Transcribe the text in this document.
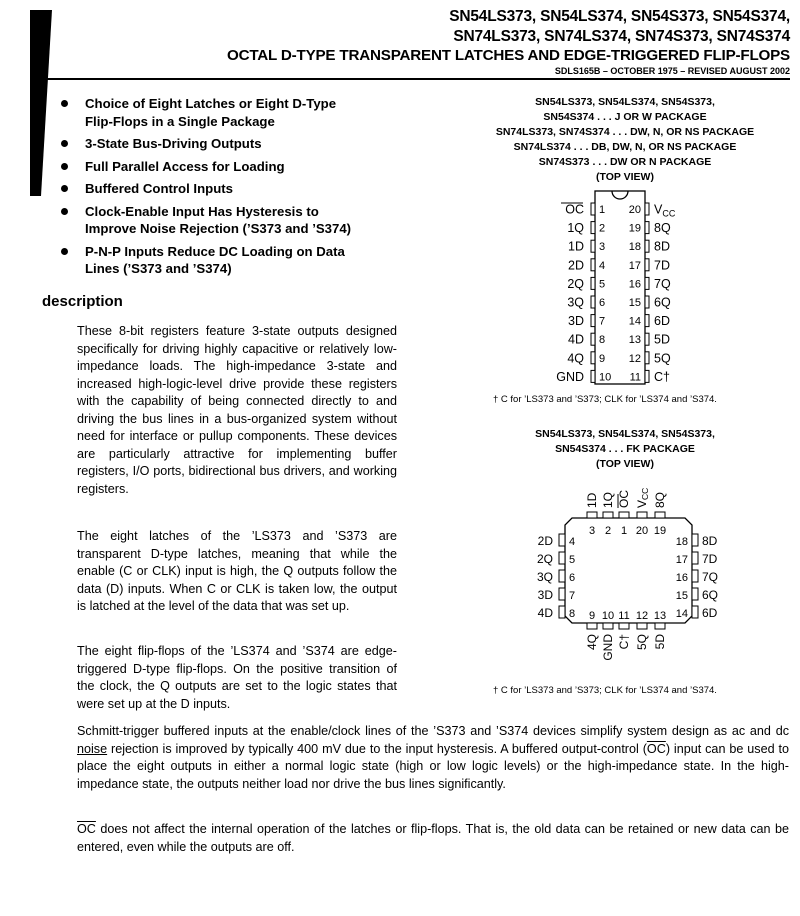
SN54LS373, SN54LS374, SN54S373, SN54S374,
SN74LS373, SN74LS374, SN74S373, SN74S374
OCTAL D-TYPE TRANSPARENT LATCHES AND EDGE-TRIGGERED FLIP-FLOPS
SDLS165B – OCTOBER 1975 – REVISED AUGUST 2002
Choice of Eight Latches or Eight D-Type
Flip-Flops in a Single Package
3-State Bus-Driving Outputs
Full Parallel Access for Loading
Buffered Control Inputs
Clock-Enable Input Has Hysteresis to
Improve Noise Rejection (’S373 and ’S374)
P-N-P Inputs Reduce DC Loading on Data
Lines (’S373 and ’S374)
description

These 8-bit registers feature 3-state outputs designed specifically for driving highly capacitive or relatively low-impedance loads. The high-impedance 3-state and increased high-logic-level drive provide these registers with the capability of being connected directly to and driving the bus lines in a bus-organized system without need for interface or pullup components. These devices are particularly attractive for implementing buffer registers, I/O ports, bidirectional bus drivers, and working registers.

The eight latches of the ’LS373 and ’S373 are transparent D-type latches, meaning that while the enable (C or CLK) input is high, the Q outputs follow the data (D) inputs. When C or CLK is taken low, the output is latched at the level of the data that was set up.

The eight flip-flops of the ’LS374 and ’S374 are edge-triggered D-type flip-flops. On the positive transition of the clock, the Q outputs are set to the logic states that were set up at the D inputs.

Schmitt-trigger buffered inputs at the enable/clock lines of the ’S373 and ’S374 devices simplify system design as ac and dc noise rejection is improved by typically 400 mV due to the input hysteresis. A buffered output-control $(\overline{OC})$ input can be used to place the eight outputs in either a normal logic state (high or low logic levels) or the high-impedance state. In the high-impedance state, the outputs neither load nor drive the bus lines significantly.

$\overline{OC}$ does not affect the internal operation of the latches or flip-flops. That is, the old data can be retained or new data can be entered, even while the outputs are off.

SN54LS373, SN54LS374, SN54S373,
SN54S374 . . . J OR W PACKAGE
SN74LS373, SN74S374 . . . DW, N, OR NS PACKAGE
SN74LS374 . . . DB, DW, N, OR NS PACKAGE
SN74S373 . . . DW OR N PACKAGE
(TOP VIEW)
1
OC
2
1Q
3
1D
4
2D
5
2Q
6
3Q
7
3D
8
4D
9
4Q
10
GND
20 $V_{CC}$
19 8Q
18 8D
17 7D
16 7Q
15 6Q
14 6D
13 5D
12 5Q
11 C†
† C for ’LS373 and ’S373; CLK for ’LS374 and ’S374.
SN54LS373, SN54LS374, SN54S373,
SN54S374 . . . FK PACKAGE
(TOP VIEW)
1D
3
1Q
2
OC
1
VCC
20
8Q
19
2D 4
2Q 5
3Q 6
3D 7
4D 8
18 8D
17 7D
16 7Q
15 6Q
14 6D
9
4Q
10
GND
11
C†
12
5Q
13
5D
† C for ’LS373 and ’S373; CLK for ’LS374 and ’S374.
